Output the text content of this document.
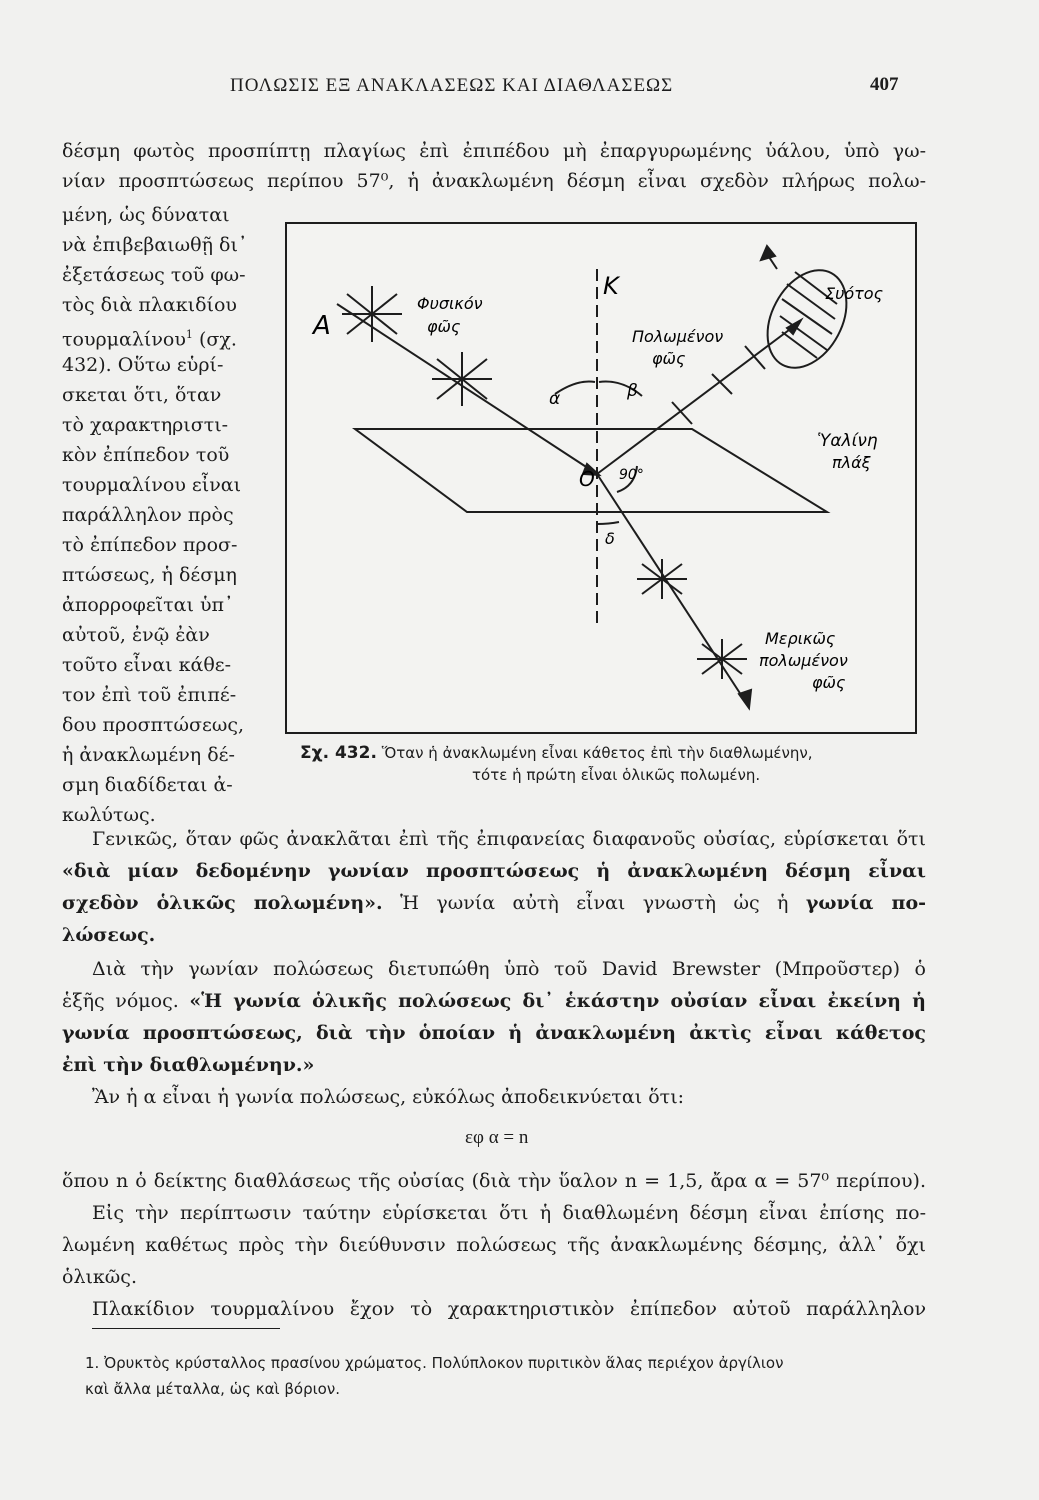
ΠΟΛΩΣΙΣ ΕΞ ΑΝΑΚΛΑΣΕΩΣ ΚΑΙ ΔΙΑΘΛΑΣΕΩΣ	407
δέσμη φωτὸς προσπίπτῃ πλαγίως ἐπὶ ἐπιπέδου μὴ ἐπαργυρωμένης ὑάλου, ὑπὸ γω-
νίαν προσπτώσεως περίπου 57⁰, ἡ ἀνακλωμένη δέσμη εἶναι σχεδὸν πλήρως πολω-
μένη, ὡς δύναται
νὰ ἐπιβεβαιωθῇ δι᾽
ἐξετάσεως τοῦ φω-
τὸς διὰ πλακιδίου
τουρμαλίνου$^1$ (σχ.
432). Οὕτω εὑρί-
σκεται ὅτι, ὅταν
τὸ χαρακτηριστι-
κὸν ἐπίπεδον τοῦ
τουρμαλίνου εἶναι
παράλληλον πρὸς
τὸ ἐπίπεδον προσ-
πτώσεως, ἡ δέσμη
ἀπορροφεῖται ὑπ᾽
αὐτοῦ, ἐνῷ ἐὰν
τοῦτο εἶναι κάθε-
τον ἐπὶ τοῦ ἐπιπέ-
δου προσπτώσεως,
ἡ ἀνακλωμένη δέ-
σμη διαδίδεται ἀ-
κωλύτως.
A
K
O
Φυσικόν
φῶς
Πολωμένον
φῶς
Συότος
Ὑαλίνη
πλάξ
α	β
90°
δ
Μερικῶς
πολωμένον
φῶς
Σχ. 432. Ὅταν ἡ ἀνακλωμένη εἶναι κάθετος ἐπὶ τὴν διαθλωμένην,
τότε ἡ πρώτη εἶναι ὁλικῶς πολωμένη.
Γενικῶς, ὅταν φῶς ἀνακλᾶται ἐπὶ τῆς ἐπιφανείας διαφανοῦς οὐσίας, εὑρίσκεται ὅτι
«διὰ μίαν δεδομένην γωνίαν προσπτώσεως ἡ ἀνακλωμένη δέσμη εἶναι
σχεδὸν ὁλικῶς πολωμένη». Ἡ γωνία αὐτὴ εἶναι γνωστὴ ὡς ἡ γωνία πο-
λώσεως.
Διὰ τὴν γωνίαν πολώσεως διετυπώθη ὑπὸ τοῦ David Brewster (Μπροῦστερ) ὁ
ἑξῆς νόμος. «Ἡ γωνία ὁλικῆς πολώσεως δι᾽ ἑκάστην οὐσίαν εἶναι ἐκείνη ἡ
γωνία προσπτώσεως, διὰ τὴν ὁποίαν ἡ ἀνακλωμένη ἀκτὶς εἶναι κάθετος
ἐπὶ τὴν διαθλωμένην.»
Ἂν ἡ α εἶναι ἡ γωνία πολώσεως, εὐκόλως ἀποδεικνύεται ὅτι:
εφ α = n
ὅπου n ὁ δείκτης διαθλάσεως τῆς οὐσίας (διὰ τὴν ὕαλον n = 1,5, ἄρα α = 57⁰ περίπου).
Εἰς τὴν περίπτωσιν ταύτην εὑρίσκεται ὅτι ἡ διαθλωμένη δέσμη εἶναι ἐπίσης πο-
λωμένη καθέτως πρὸς τὴν διεύθυνσιν πολώσεως τῆς ἀνακλωμένης δέσμης, ἀλλ᾽ ὄχι
ὁλικῶς.
Πλακίδιον τουρμαλίνου ἔχον τὸ χαρακτηριστικὸν ἐπίπεδον αὐτοῦ παράλληλον
1. Ὀρυκτὸς κρύσταλλος πρασίνου χρώματος. Πολύπλοκον πυριτικὸν ἅλας περιέχον ἀργίλιον
καὶ ἄλλα μέταλλα, ὡς καὶ βόριον.
